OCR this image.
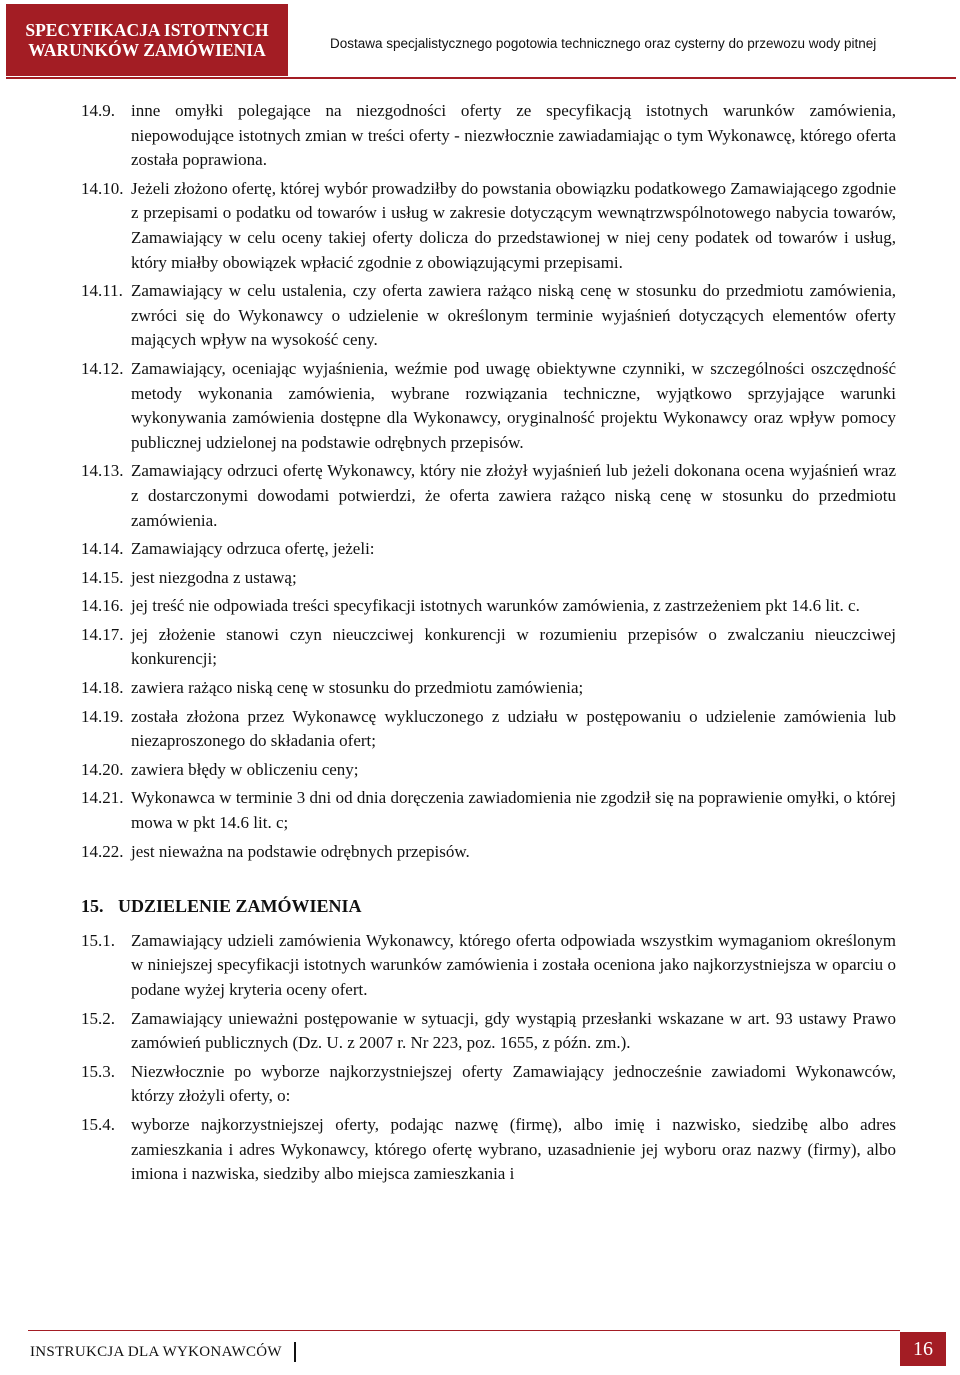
SPECYFIKACJA ISTOTNYCH
WARUNKÓW ZAMÓWIENIA	Dostawa specjalistycznego pogotowia technicznego oraz cysterny do przewozu wody pitnej
14.9. inne omyłki polegające na niezgodności oferty ze specyfikacją istotnych warunków zamówienia, niepowodujące istotnych zmian w treści oferty - niezwłocznie zawiadamiając o tym Wykonawcę, którego oferta została poprawiona.
14.10. Jeżeli złożono ofertę, której wybór prowadziłby do powstania obowiązku podatkowego Zamawiającego zgodnie z przepisami o podatku od towarów i usług w zakresie dotyczącym wewnątrzwspólnotowego nabycia towarów, Zamawiający w celu oceny takiej oferty dolicza do przedstawionej w niej ceny podatek od towarów i usług, który miałby obowiązek wpłacić zgodnie z obowiązującymi przepisami.
14.11. Zamawiający w celu ustalenia, czy oferta zawiera rażąco niską cenę w stosunku do przedmiotu zamówienia, zwróci się do Wykonawcy o udzielenie w określonym terminie wyjaśnień dotyczących elementów oferty mających wpływ na wysokość ceny.
14.12. Zamawiający, oceniając wyjaśnienia, weźmie pod uwagę obiektywne czynniki, w szczególności oszczędność metody wykonania zamówienia, wybrane rozwiązania techniczne, wyjątkowo sprzyjające warunki wykonywania zamówienia dostępne dla Wykonawcy, oryginalność projektu Wykonawcy oraz wpływ pomocy publicznej udzielonej na podstawie odrębnych przepisów.
14.13. Zamawiający odrzuci ofertę Wykonawcy, który nie złożył wyjaśnień lub jeżeli dokonana ocena wyjaśnień wraz z dostarczonymi dowodami potwierdzi, że oferta zawiera rażąco niską cenę w stosunku do przedmiotu zamówienia.
14.14. Zamawiający odrzuca ofertę, jeżeli:
14.15. jest niezgodna z ustawą;
14.16. jej treść nie odpowiada treści specyfikacji istotnych warunków zamówienia, z zastrzeżeniem pkt 14.6 lit. c.
14.17. jej złożenie stanowi czyn nieuczciwej konkurencji w rozumieniu przepisów o zwalczaniu nieuczciwej konkurencji;
14.18. zawiera rażąco niską cenę w stosunku do przedmiotu zamówienia;
14.19. została złożona przez Wykonawcę wykluczonego z udziału w postępowaniu o udzielenie zamówienia lub niezaproszonego do składania ofert;
14.20. zawiera błędy w obliczeniu ceny;
14.21. Wykonawca w terminie 3 dni od dnia doręczenia zawiadomienia nie zgodził się na poprawienie omyłki, o której mowa w pkt 14.6 lit. c;
14.22. jest nieważna na podstawie odrębnych przepisów.
15. UDZIELENIE ZAMÓWIENIA
15.1. Zamawiający udzieli zamówienia Wykonawcy, którego oferta odpowiada wszystkim wymaganiom określonym w niniejszej specyfikacji istotnych warunków zamówienia i została oceniona jako najkorzystniejsza w oparciu o podane wyżej kryteria oceny ofert.
15.2. Zamawiający unieważni postępowanie w sytuacji, gdy wystąpią przesłanki wskazane w art. 93 ustawy Prawo zamówień publicznych (Dz. U. z 2007 r. Nr 223, poz. 1655, z późn. zm.).
15.3. Niezwłocznie po wyborze najkorzystniejszej oferty Zamawiający jednocześnie zawiadomi Wykonawców, którzy złożyli oferty, o:
15.4. wyborze najkorzystniejszej oferty, podając nazwę (firmę), albo imię i nazwisko, siedzibę albo adres zamieszkania i adres Wykonawcy, którego ofertę wybrano, uzasadnienie jej wyboru oraz nazwy (firmy), albo imiona i nazwiska, siedziby albo miejsca zamieszkania i
INSTRUKCJA DLA WYKONAWCÓW	16
